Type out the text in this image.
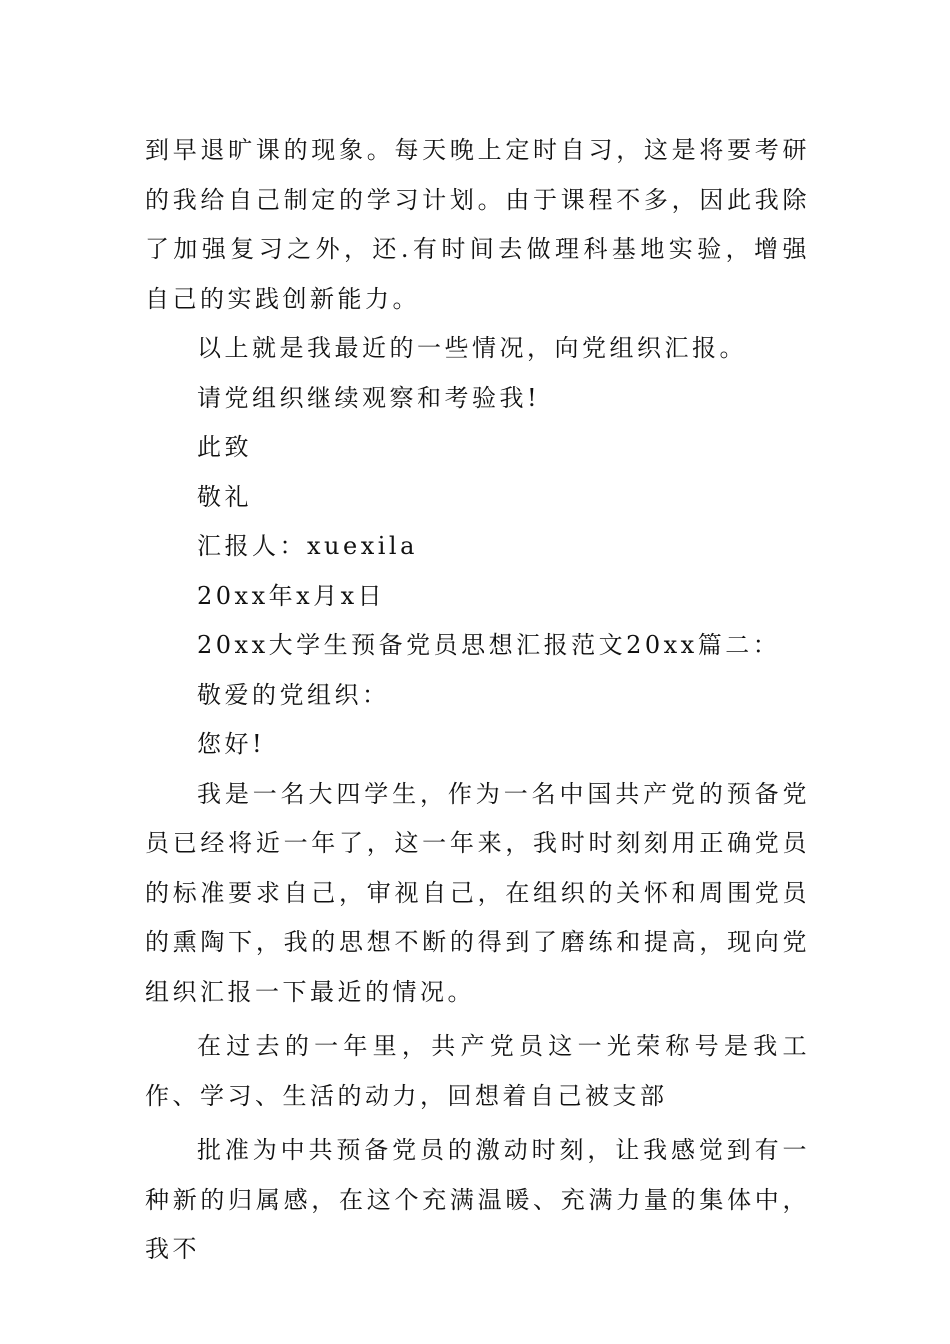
到早退旷课的现象。每天晚上定时自习，这是将要考研的我给自己制定的学习计划。由于课程不多，因此我除了加强复习之外，还.有时间去做理科基地实验，增强自己的实践创新能力。

以上就是我最近的一些情况，向党组织汇报。

请党组织继续观察和考验我!

此致

敬礼

汇报人：xuexila

20xx年x月x日

20xx大学生预备党员思想汇报范文20xx篇二：

敬爱的党组织：

您好!

我是一名大四学生，作为一名中国共产党的预备党员已经将近一年了，这一年来，我时时刻刻用正确党员的标准要求自己，审视自己，在组织的关怀和周围党员的熏陶下，我的思想不断的得到了磨练和提高，现向党组织汇报一下最近的情况。

在过去的一年里，共产党员这一光荣称号是我工作、学习、生活的动力，回想着自己被支部

批准为中共预备党员的激动时刻，让我感觉到有一种新的归属感，在这个充满温暖、充满力量的集体中，我不
